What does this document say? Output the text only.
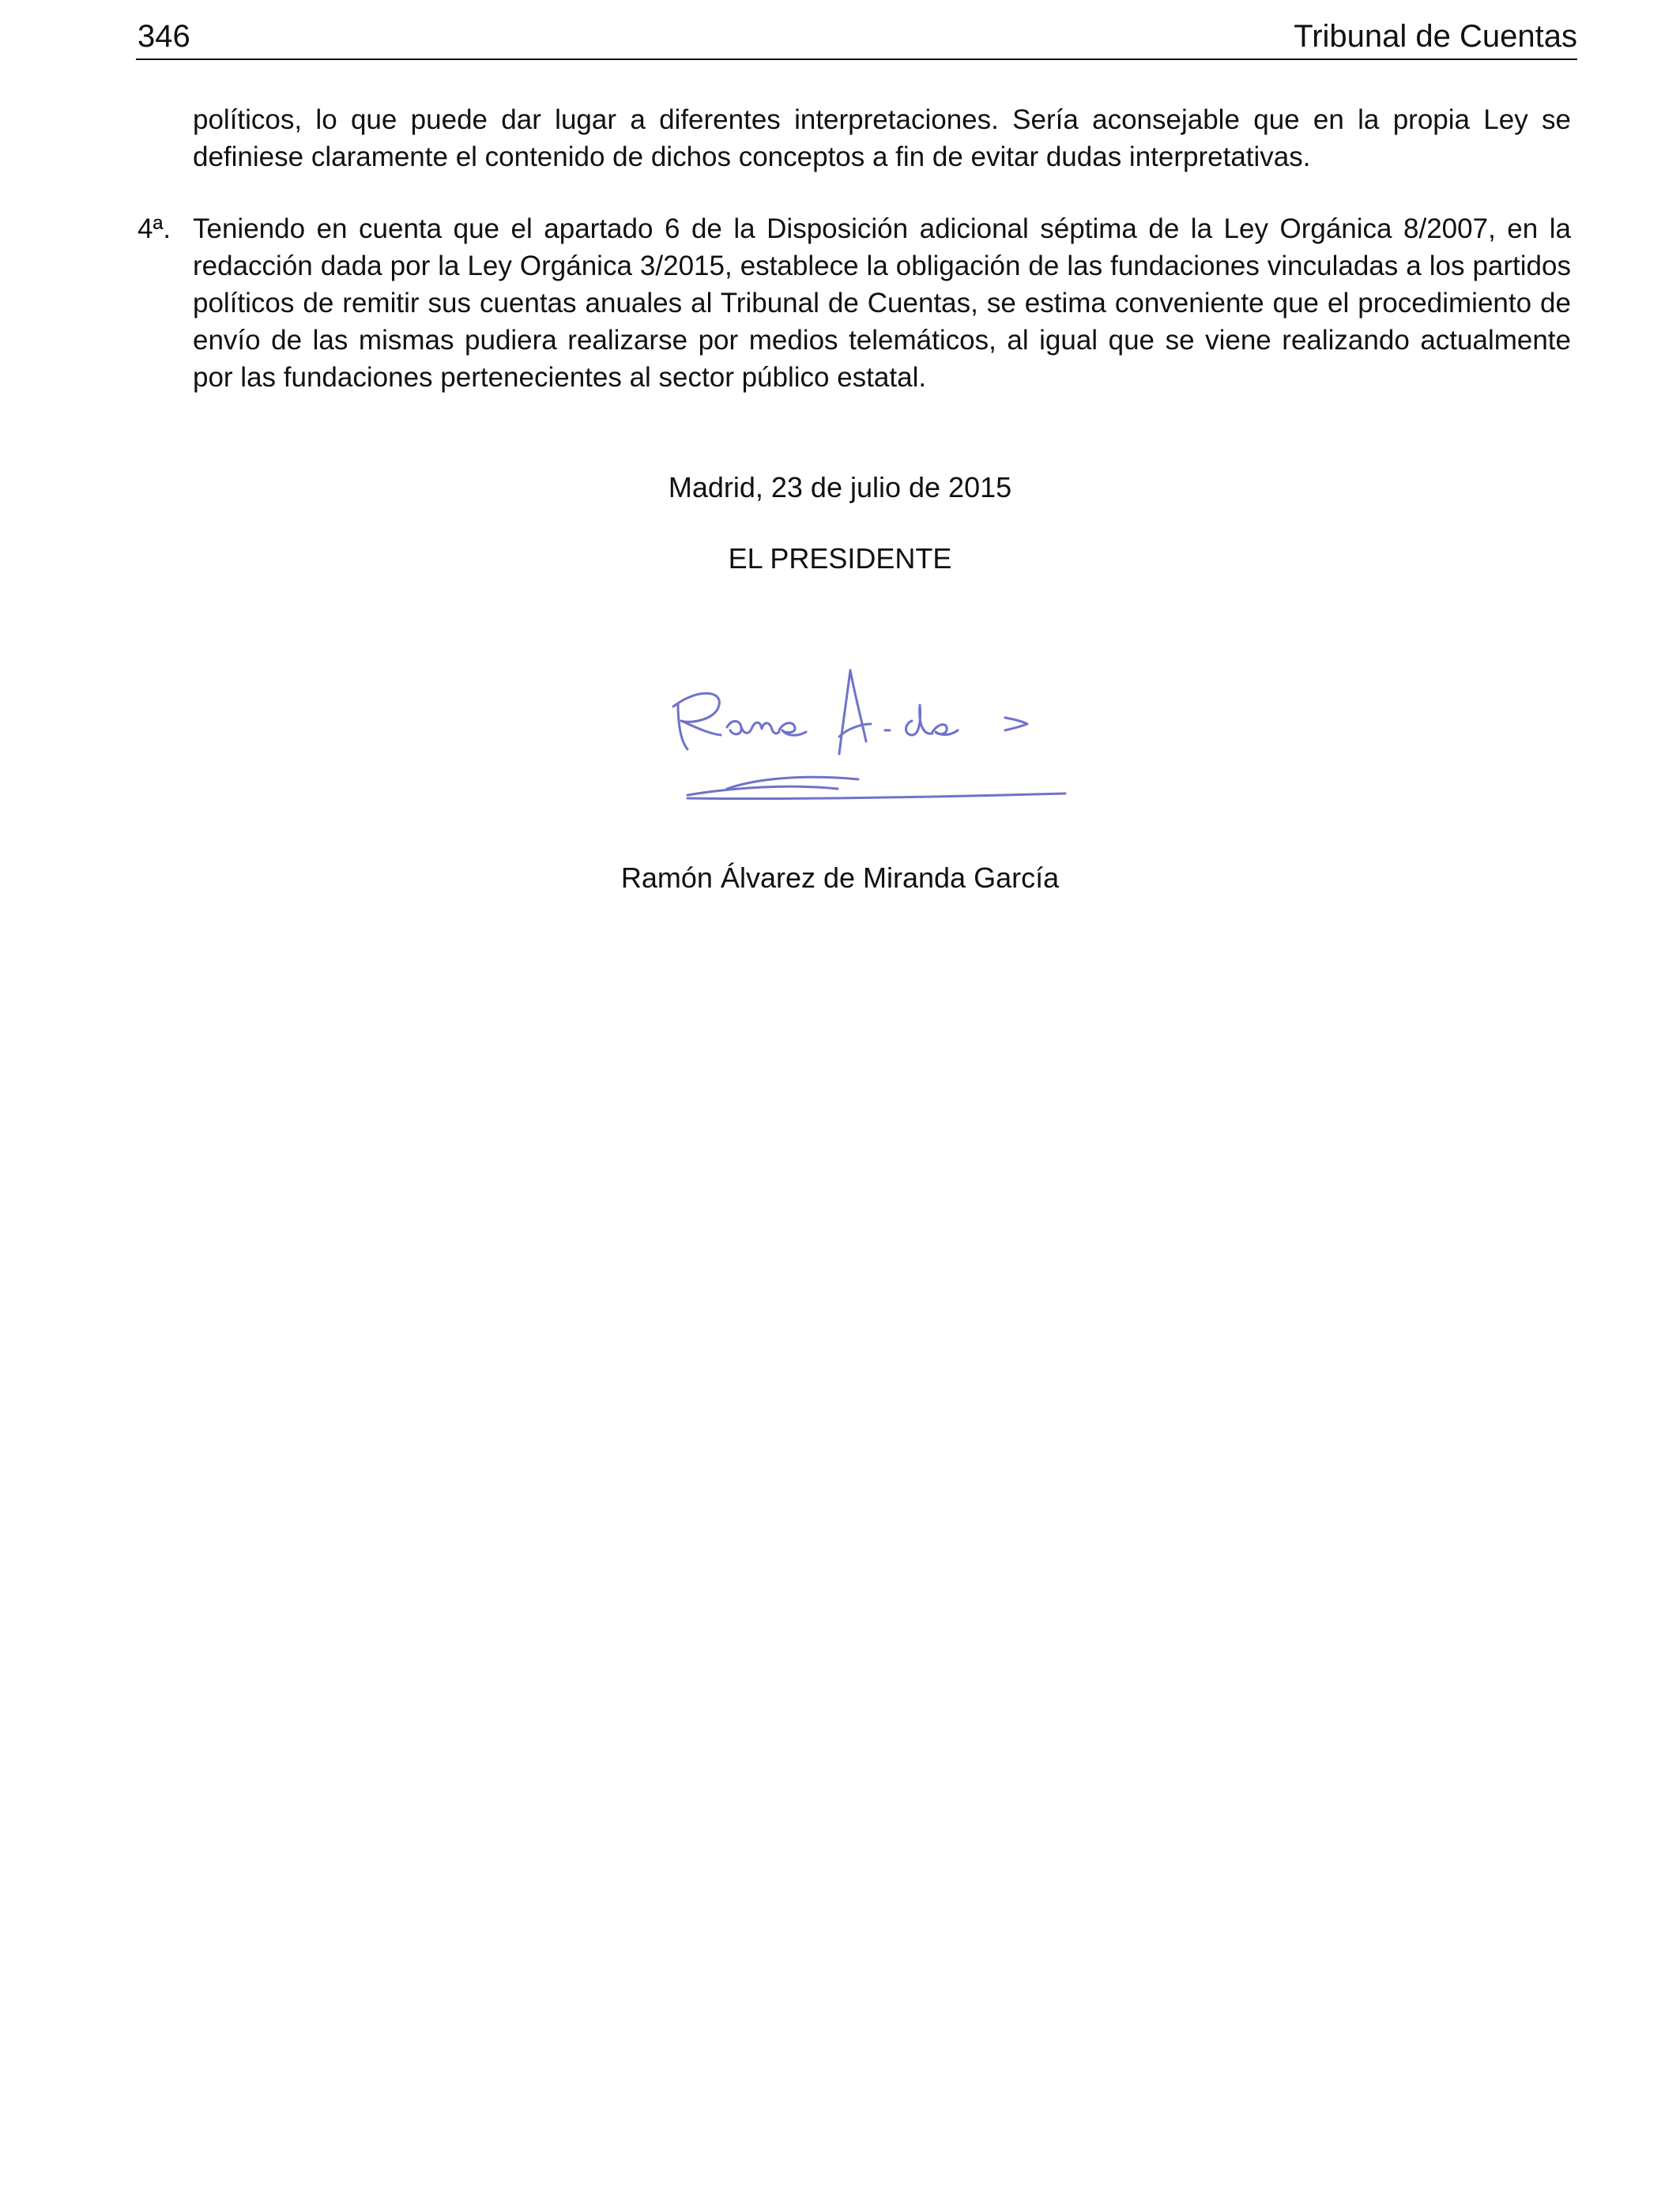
346	Tribunal de Cuentas

políticos, lo que puede dar lugar a diferentes interpretaciones. Sería aconsejable que en la propia Ley se definiese claramente el contenido de dichos conceptos a fin de evitar dudas interpretativas.

4ª. Teniendo en cuenta que el apartado 6 de la Disposición adicional séptima de la Ley Orgánica 8/2007, en la redacción dada por la Ley Orgánica 3/2015, establece la obligación de las fundaciones vinculadas a los partidos políticos de remitir sus cuentas anuales al Tribunal de Cuentas, se estima conveniente que el procedimiento de envío de las mismas pudiera realizarse por medios telemáticos, al igual que se viene realizando actualmente por las fundaciones pertenecientes al sector público estatal.

Madrid, 23 de julio de 2015

EL PRESIDENTE

Ramón Álvarez de Miranda García
